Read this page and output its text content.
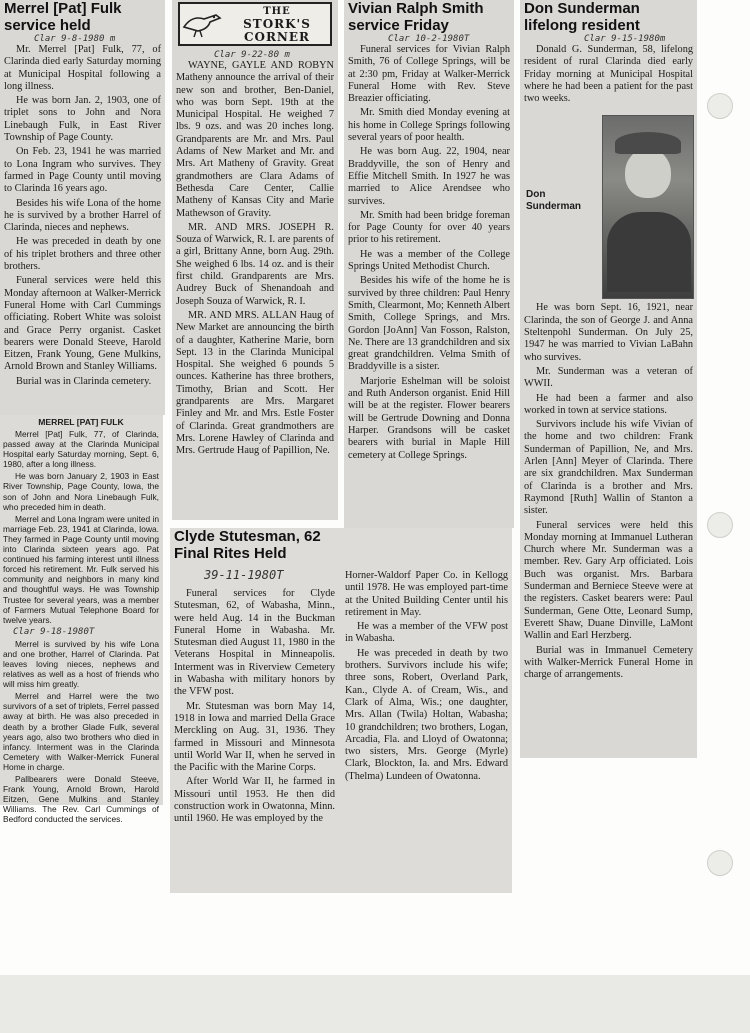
Merrel [Pat] Fulk service held
Clar 9-8-1980 m

Mr. Merrel [Pat] Fulk, 77, of Clarinda died early Saturday morning at Municipal Hospital following a long illness.

He was born Jan. 2, 1903, one of triplet sons to John and Nora Linebaugh Fulk, in East River Township of Page County.

On Feb. 23, 1941 he was married to Lona Ingram who survives. They farmed in Page County until moving to Clarinda 16 years ago.

Besides his wife Lona of the home he is survived by a brother Harrel of Clarinda, nieces and nephews.

He was preceded in death by one of his triplet brothers and three other brothers.

Funeral services were held this Monday afternoon at Walker-Merrick Funeral Home with Carl Cummings officiating. Robert White was soloist and Grace Perry organist. Casket bearers were Donald Steeve, Harold Eitzen, Frank Young, Gene Mulkins, Arnold Brown and Stanley Williams.

Burial was in Clarinda cemetery.

MERREL [PAT] FULK

Merrel [Pat] Fulk, 77, of Clarinda, passed away at the Clarinda Municipal Hospital early Saturday morning, Sept. 6, 1980, after a long illness.

He was born January 2, 1903 in East River Township, Page County, Iowa, the son of John and Nora Linebaugh Fulk, who preceded him in death.

Merrel and Lona Ingram were united in marriage Feb. 23, 1941 at Clarinda, Iowa. They farmed in Page County until moving into Clarinda sixteen years ago. Pat continued his farming interest until illness forced his retirement. Mr. Fulk served his community and neighbors in many kind and thoughtful ways. He was Township Trustee for several years, was a member of Farmers Mutual Telephone Board for twelve years.

Clar 9-18-1980T

Merrel is survived by his wife Lona and one brother, Harrel of Clarinda. Pat leaves loving nieces, nephews and relatives as well as a host of friends who will miss him greatly.

Merrel and Harrel were the two survivors of a set of triplets, Ferrel passed away at birth. He was also preceded in death by a brother Glade Fulk, several years ago, also two brothers who died in infancy. Interment was in the Clarinda Cemetery with Walker-Merrick Funeral Home in charge.

Pallbearers were Donald Steeve, Frank Young, Arnold Brown, Harold Eitzen, Gene Mulkins and Stanley Williams. The Rev. Carl Cummings of Bedford conducted the services.

THE
STORK'S
CORNER
Clar 9-22-80 m

WAYNE, GAYLE AND ROBYN Matheny announce the arrival of their new son and brother, Ben-Daniel, who was born Sept. 19th at the Municipal Hospital. He weighed 7 lbs. 9 ozs. and was 20 inches long. Grandparents are Mr. and Mrs. Paul Adams of New Market and Mr. and Mrs. Art Matheny of Gravity. Great grandmothers are Clara Adams of Bethesda Care Center, Callie Matheny of Kansas City and Marie Mathewson of Gravity.

MR. AND MRS. JOSEPH R. Souza of Warwick, R. I. are parents of a girl, Brittany Anne, born Aug. 29th. She weighed 6 lbs. 14 oz. and is their first child. Grandparents are Mrs. Audrey Buck of Shenandoah and Joseph Souza of Warwick, R. I.

MR. AND MRS. ALLAN Haug of New Market are announcing the birth of a daughter, Katherine Marie, born Sept. 13 in the Clarinda Municipal Hospital. She weighed 6 pounds 5 ounces. Katherine has three brothers, Timothy, Brian and Scott. Her grandparents are Mrs. Margaret Finley and Mr. and Mrs. Estle Foster of Clarinda. Great grandmothers are Mrs. Lorene Hawley of Clarinda and Mrs. Gertrude Haug of Papillion, Ne.

Vivian Ralph Smith service Friday
Clar 10-2-1980T

Funeral services for Vivian Ralph Smith, 76 of College Springs, will be at 2:30 pm, Friday at Walker-Merrick Funeral Home with Rev. Steve Breazier officiating.

Mr. Smith died Monday evening at his home in College Springs following several years of poor health.

He was born Aug. 22, 1904, near Braddyville, the son of Henry and Effie Mitchell Smith. In 1927 he was married to Alice Arendsee who survives.

Mr. Smith had been bridge foreman for Page County for over 40 years prior to his retirement.

He was a member of the College Springs United Methodist Church.

Besides his wife of the home he is survived by three children: Paul Henry Smith, Clearmont, Mo; Kenneth Albert Smith, College Springs, and Mrs. Gordon [JoAnn] Van Fosson, Ralston, Ne. There are 13 grandchildren and six great grandchildren. Velma Smith of Braddyville is a sister.

Marjorie Eshelman will be soloist and Ruth Anderson organist. Enid Hill will be at the register. Flower bearers will be Gertrude Downing and Donna Harper. Grandsons will be casket bearers with burial in Maple Hill cemetery at College Springs.

Don Sunderman lifelong resident
Clar 9-15-1980m

Donald G. Sunderman, 58, lifelong resident of rural Clarinda died early Friday morning at Municipal Hospital where he had been a patient for the past two weeks.

Don
Sunderman

He was born Sept. 16, 1921, near Clarinda, the son of George J. and Anna Steltenpohl Sunderman. On July 25, 1947 he was married to Vivian LaBahn who survives.

Mr. Sunderman was a veteran of WWII.

He had been a farmer and also worked in town at service stations.

Survivors include his wife Vivian of the home and two children: Frank Sunderman of Papillion, Ne, and Mrs. Arlen [Ann] Meyer of Clarinda. There are six grandchildren. Max Sunderman of Clarinda is a brother and Mrs. Raymond [Ruth] Wallin of Stanton a sister.

Funeral services were held this Monday morning at Immanuel Lutheran Church where Mr. Sunderman was a member. Rev. Gary Arp officiated. Lois Buch was organist. Mrs. Barbara Sunderman and Berniece Steeve were at the registers. Casket bearers were: Paul Sunderman, Gene Otte, Leonard Sump, Everett Shaw, Duane Dinville, LaMont Wallin and Earl Herzberg.

Burial was in Immanuel Cemetery with Walker-Merrick Funeral Home in charge of arrangements.

Clyde Stutesman, 62
Final Rites Held
39-11-1980T

Funeral services for Clyde Stutesman, 62, of Wabasha, Minn., were held Aug. 14 in the Buckman Funeral Home in Wabasha. Mr. Stutesman died August 11, 1980 in the Veterans Hospital in Minneapolis. Interment was in Riverview Cemetery in Wabasha with military honors by the VFW post.

Mr. Stutesman was born May 14, 1918 in Iowa and married Della Grace Merckling on Aug. 31, 1936. They farmed in Missouri and Minnesota until World War II, when he served in the Pacific with the Marine Corps.

After World War II, he farmed in Missouri until 1953. He then did construction work in Owatonna, Minn. until 1960. He was employed by the

Horner-Waldorf Paper Co. in Kellogg until 1978. He was employed part-time at the United Building Center until his retirement in May.

He was a member of the VFW post in Wabasha.

He was preceded in death by two brothers. Survivors include his wife; three sons, Robert, Overland Park, Kan., Clyde A. of Cream, Wis., and Clark of Alma, Wis.; one daughter, Mrs. Allan (Twila) Holtan, Wabasha; 10 grandchildren; two brothers, Logan, Arcadia, Fla. and Lloyd of Owatonna; two sisters, Mrs. George (Myrle) Clark, Blockton, Ia. and Mrs. Edward (Thelma) Lundeen of Owatonna.
